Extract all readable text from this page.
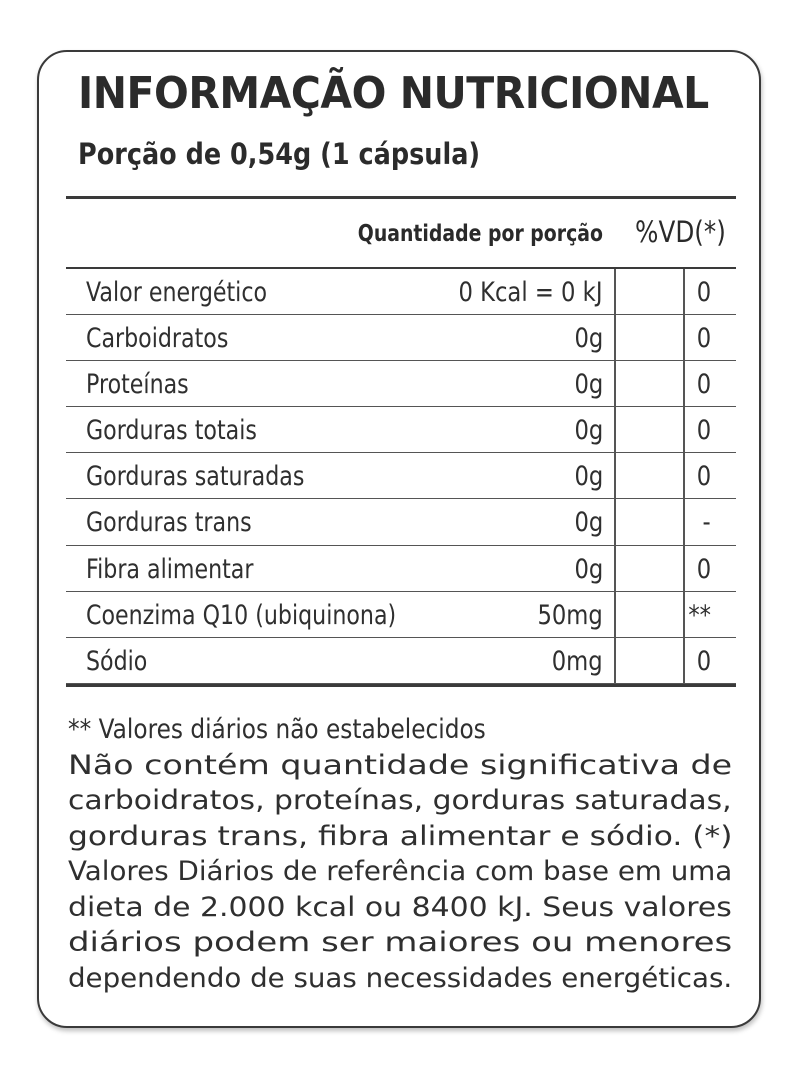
INFORMAÇÃO NUTRICIONAL
Porção de 0,54g (1 cápsula)
Quantidade por porção %VD(*)
Valor energético	0 Kcal = 0 kJ	0
Carboidratos	0g	0
Proteínas	0g	0
Gorduras totais	0g	0
Gorduras saturadas	0g	0
Gorduras trans	0g	-
Fibra alimentar	0g	0
Coenzima Q10 (ubiquinona)	50mg	**
Sódio	0mg	0
** Valores diários não estabelecidos
Não contém quantidade significativa de
carboidratos, proteínas, gorduras saturadas,
gorduras trans, fibra alimentar e sódio. (*)
Valores Diários de referência com base em uma
dieta de 2.000 kcal ou 8400 kJ. Seus valores
diários podem ser maiores ou menores
dependendo de suas necessidades energéticas.
